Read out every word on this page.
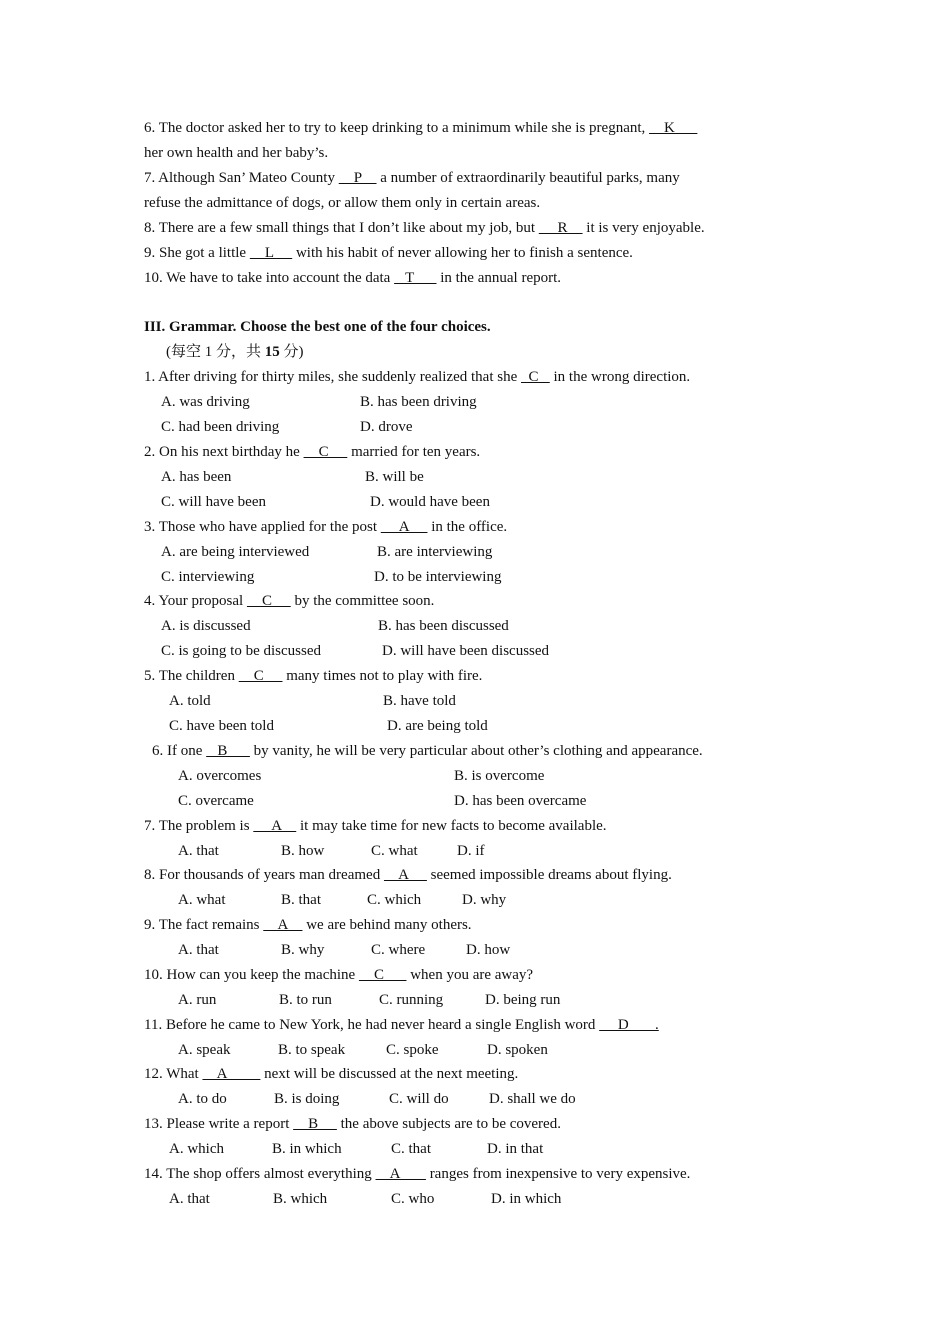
6. The doctor asked her to try to keep drinking to a minimum while she is pregnant,     K
her own health and her baby’s.
7. Although San’ Mateo County     P     a number of extraordinarily beautiful parks, many
refuse the admittance of dogs, or allow them only in certain areas.
8. There are a few small things that I don’t like about my job, but      R     it is very enjoyable.
9. She got a little     L      with his habit of never allowing her to finish a sentence.
10. We have to take into account the data    T       in the annual report.
III. Grammar. Choose the best one of the four choices.
(每空 1 分，共 15 分)
1. After driving for thirty miles, she suddenly realized that she   C    in the wrong direction.
A. was driving	B. has been driving
C. had been driving	D. drove
2. On his next birthday he     C      married for ten years.
A. has been	B. will be
C. will have been	D. would have been
3. Those who have applied for the post      A      in the office.
A. are being interviewed	B. are interviewing
C. interviewing	D. to be interviewing
4. Your proposal     C      by the committee soon.
A. is discussed	B. has been discussed
C. is going to be discussed	D. will have been discussed
5. The children     C      many times not to play with fire.
A. told	B. have told
C. have been told	D. are being told
6. If one    B       by vanity, he will be very particular about other’s clothing and appearance.
A. overcomes	B. is overcome
C. overcame	D. has been overcame
7. The problem is      A     it may take time for new facts to become available.
A. that	B. how	C. what	D. if
8. For thousands of years man dreamed     A      seemed impossible dreams about flying.
A. what	B. that	C. which	D. why
9. The fact remains     A     we are behind many others.
A. that	B. why	C. where	D. how
10. How can you keep the machine     C       when you are away?
A. run	B. to run	C. running	D. being run
11. Before he came to New York, he had never heard a single English word      D       .
A. speak	B. to speak	C. spoke	D. spoken
12. What     A          next will be discussed at the next meeting.
A. to do	B. is doing	C. will do	D. shall we do
13. Please write a report     B      the above subjects are to be covered.
A. which	B. in which	C. that	D. in that
14. The shop offers almost everything     A        ranges from inexpensive to very expensive.
A. that	B. which	C. who	D. in which
